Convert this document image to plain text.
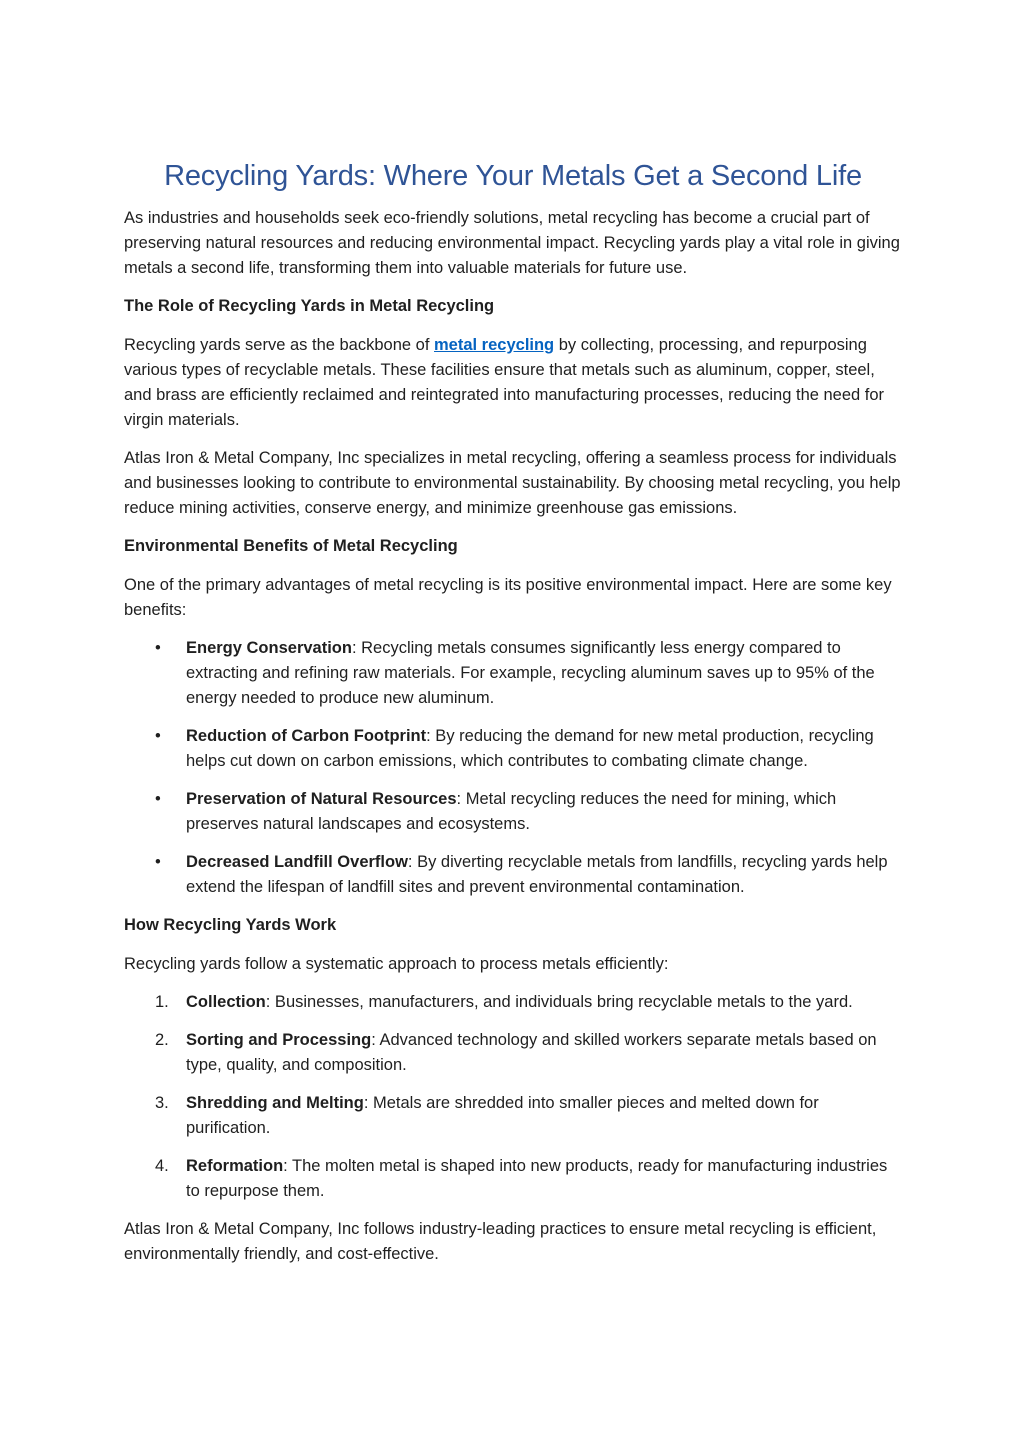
Recycling Yards: Where Your Metals Get a Second Life

As industries and households seek eco-friendly solutions, metal recycling has become a crucial part of preserving natural resources and reducing environmental impact. Recycling yards play a vital role in giving metals a second life, transforming them into valuable materials for future use.

The Role of Recycling Yards in Metal Recycling

Recycling yards serve as the backbone of metal recycling by collecting, processing, and repurposing various types of recyclable metals. These facilities ensure that metals such as aluminum, copper, steel, and brass are efficiently reclaimed and reintegrated into manufacturing processes, reducing the need for virgin materials.

Atlas Iron & Metal Company, Inc specializes in metal recycling, offering a seamless process for individuals and businesses looking to contribute to environmental sustainability. By choosing metal recycling, you help reduce mining activities, conserve energy, and minimize greenhouse gas emissions.

Environmental Benefits of Metal Recycling

One of the primary advantages of metal recycling is its positive environmental impact. Here are some key benefits:

• Energy Conservation: Recycling metals consumes significantly less energy compared to extracting and refining raw materials. For example, recycling aluminum saves up to 95% of the energy needed to produce new aluminum.
• Reduction of Carbon Footprint: By reducing the demand for new metal production, recycling helps cut down on carbon emissions, which contributes to combating climate change.
• Preservation of Natural Resources: Metal recycling reduces the need for mining, which preserves natural landscapes and ecosystems.
• Decreased Landfill Overflow: By diverting recyclable metals from landfills, recycling yards help extend the lifespan of landfill sites and prevent environmental contamination.

How Recycling Yards Work

Recycling yards follow a systematic approach to process metals efficiently:

1. Collection: Businesses, manufacturers, and individuals bring recyclable metals to the yard.
2. Sorting and Processing: Advanced technology and skilled workers separate metals based on type, quality, and composition.
3. Shredding and Melting: Metals are shredded into smaller pieces and melted down for purification.
4. Reformation: The molten metal is shaped into new products, ready for manufacturing industries to repurpose them.

Atlas Iron & Metal Company, Inc follows industry-leading practices to ensure metal recycling is efficient, environmentally friendly, and cost-effective.
